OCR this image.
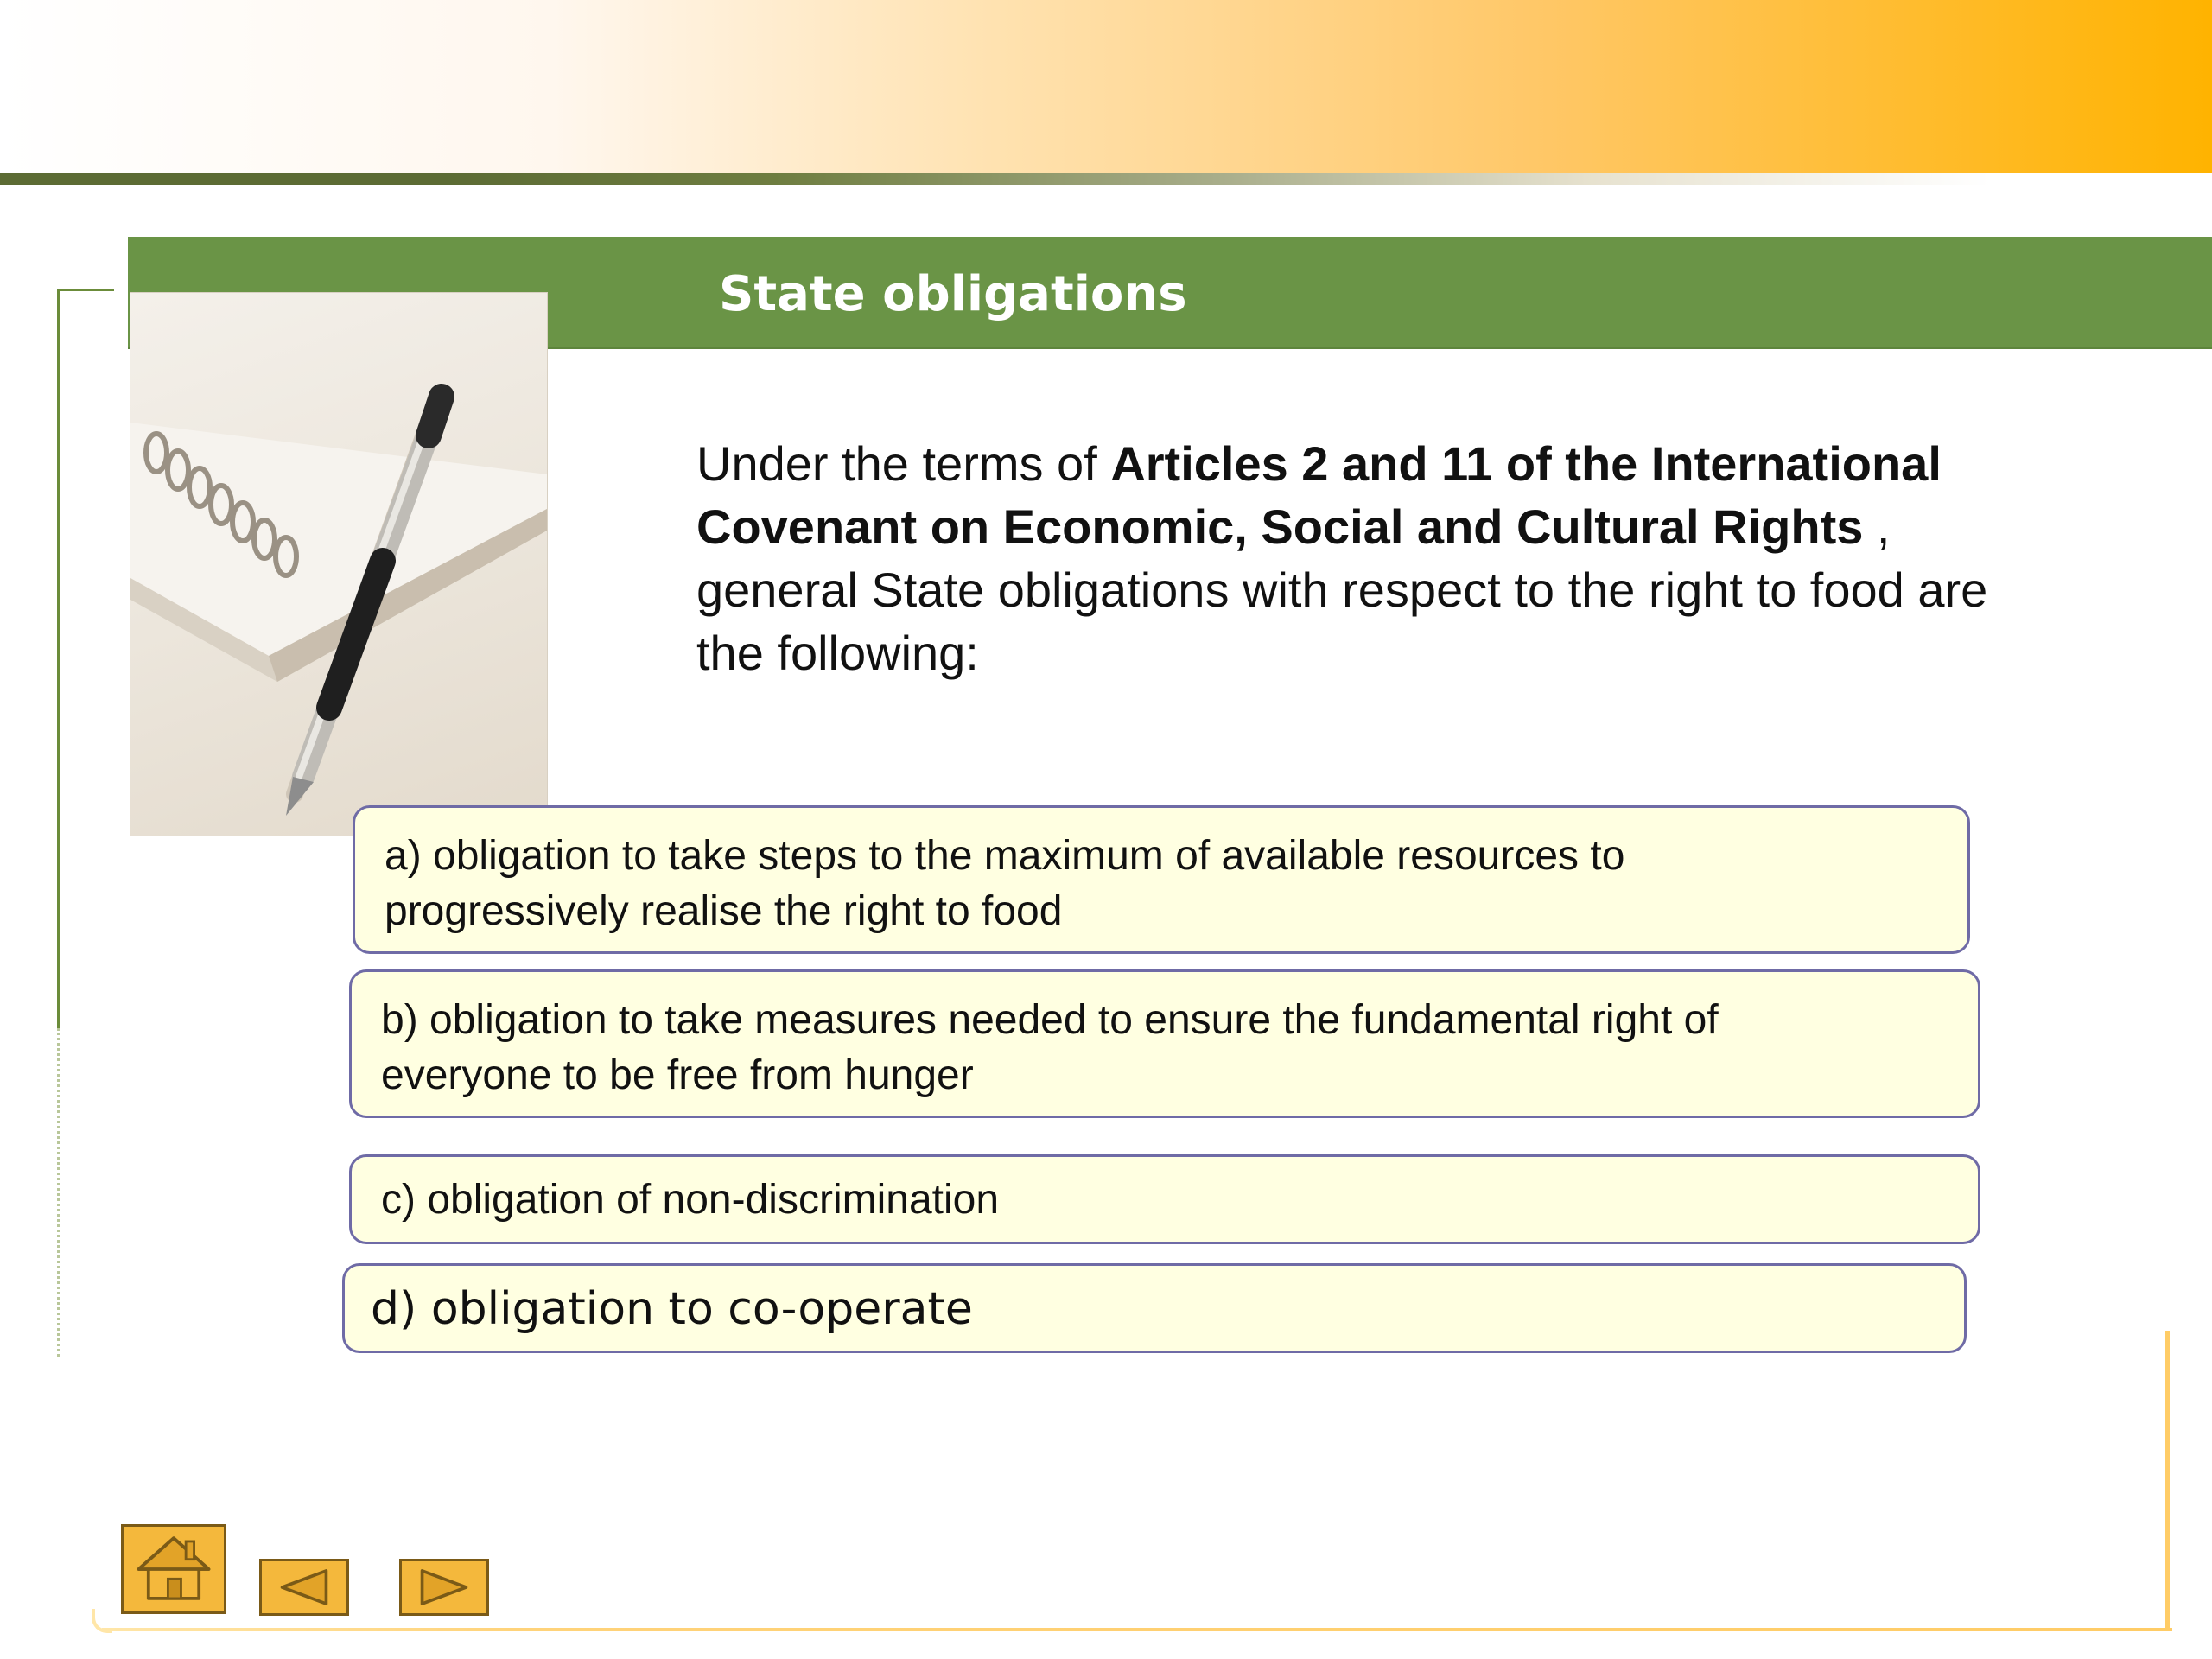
State obligations
Under the terms of Articles 2 and 11 of the International Covenant on Economic, Social and Cultural Rights , general State obligations with respect to the right to food are the following:
a) obligation to take steps to the maximum of available resources to
progressively realise the right to food
b) obligation to take measures needed to ensure the fundamental right of
everyone to be free from hunger
c) obligation of non-discrimination
d) obligation to co-operate
